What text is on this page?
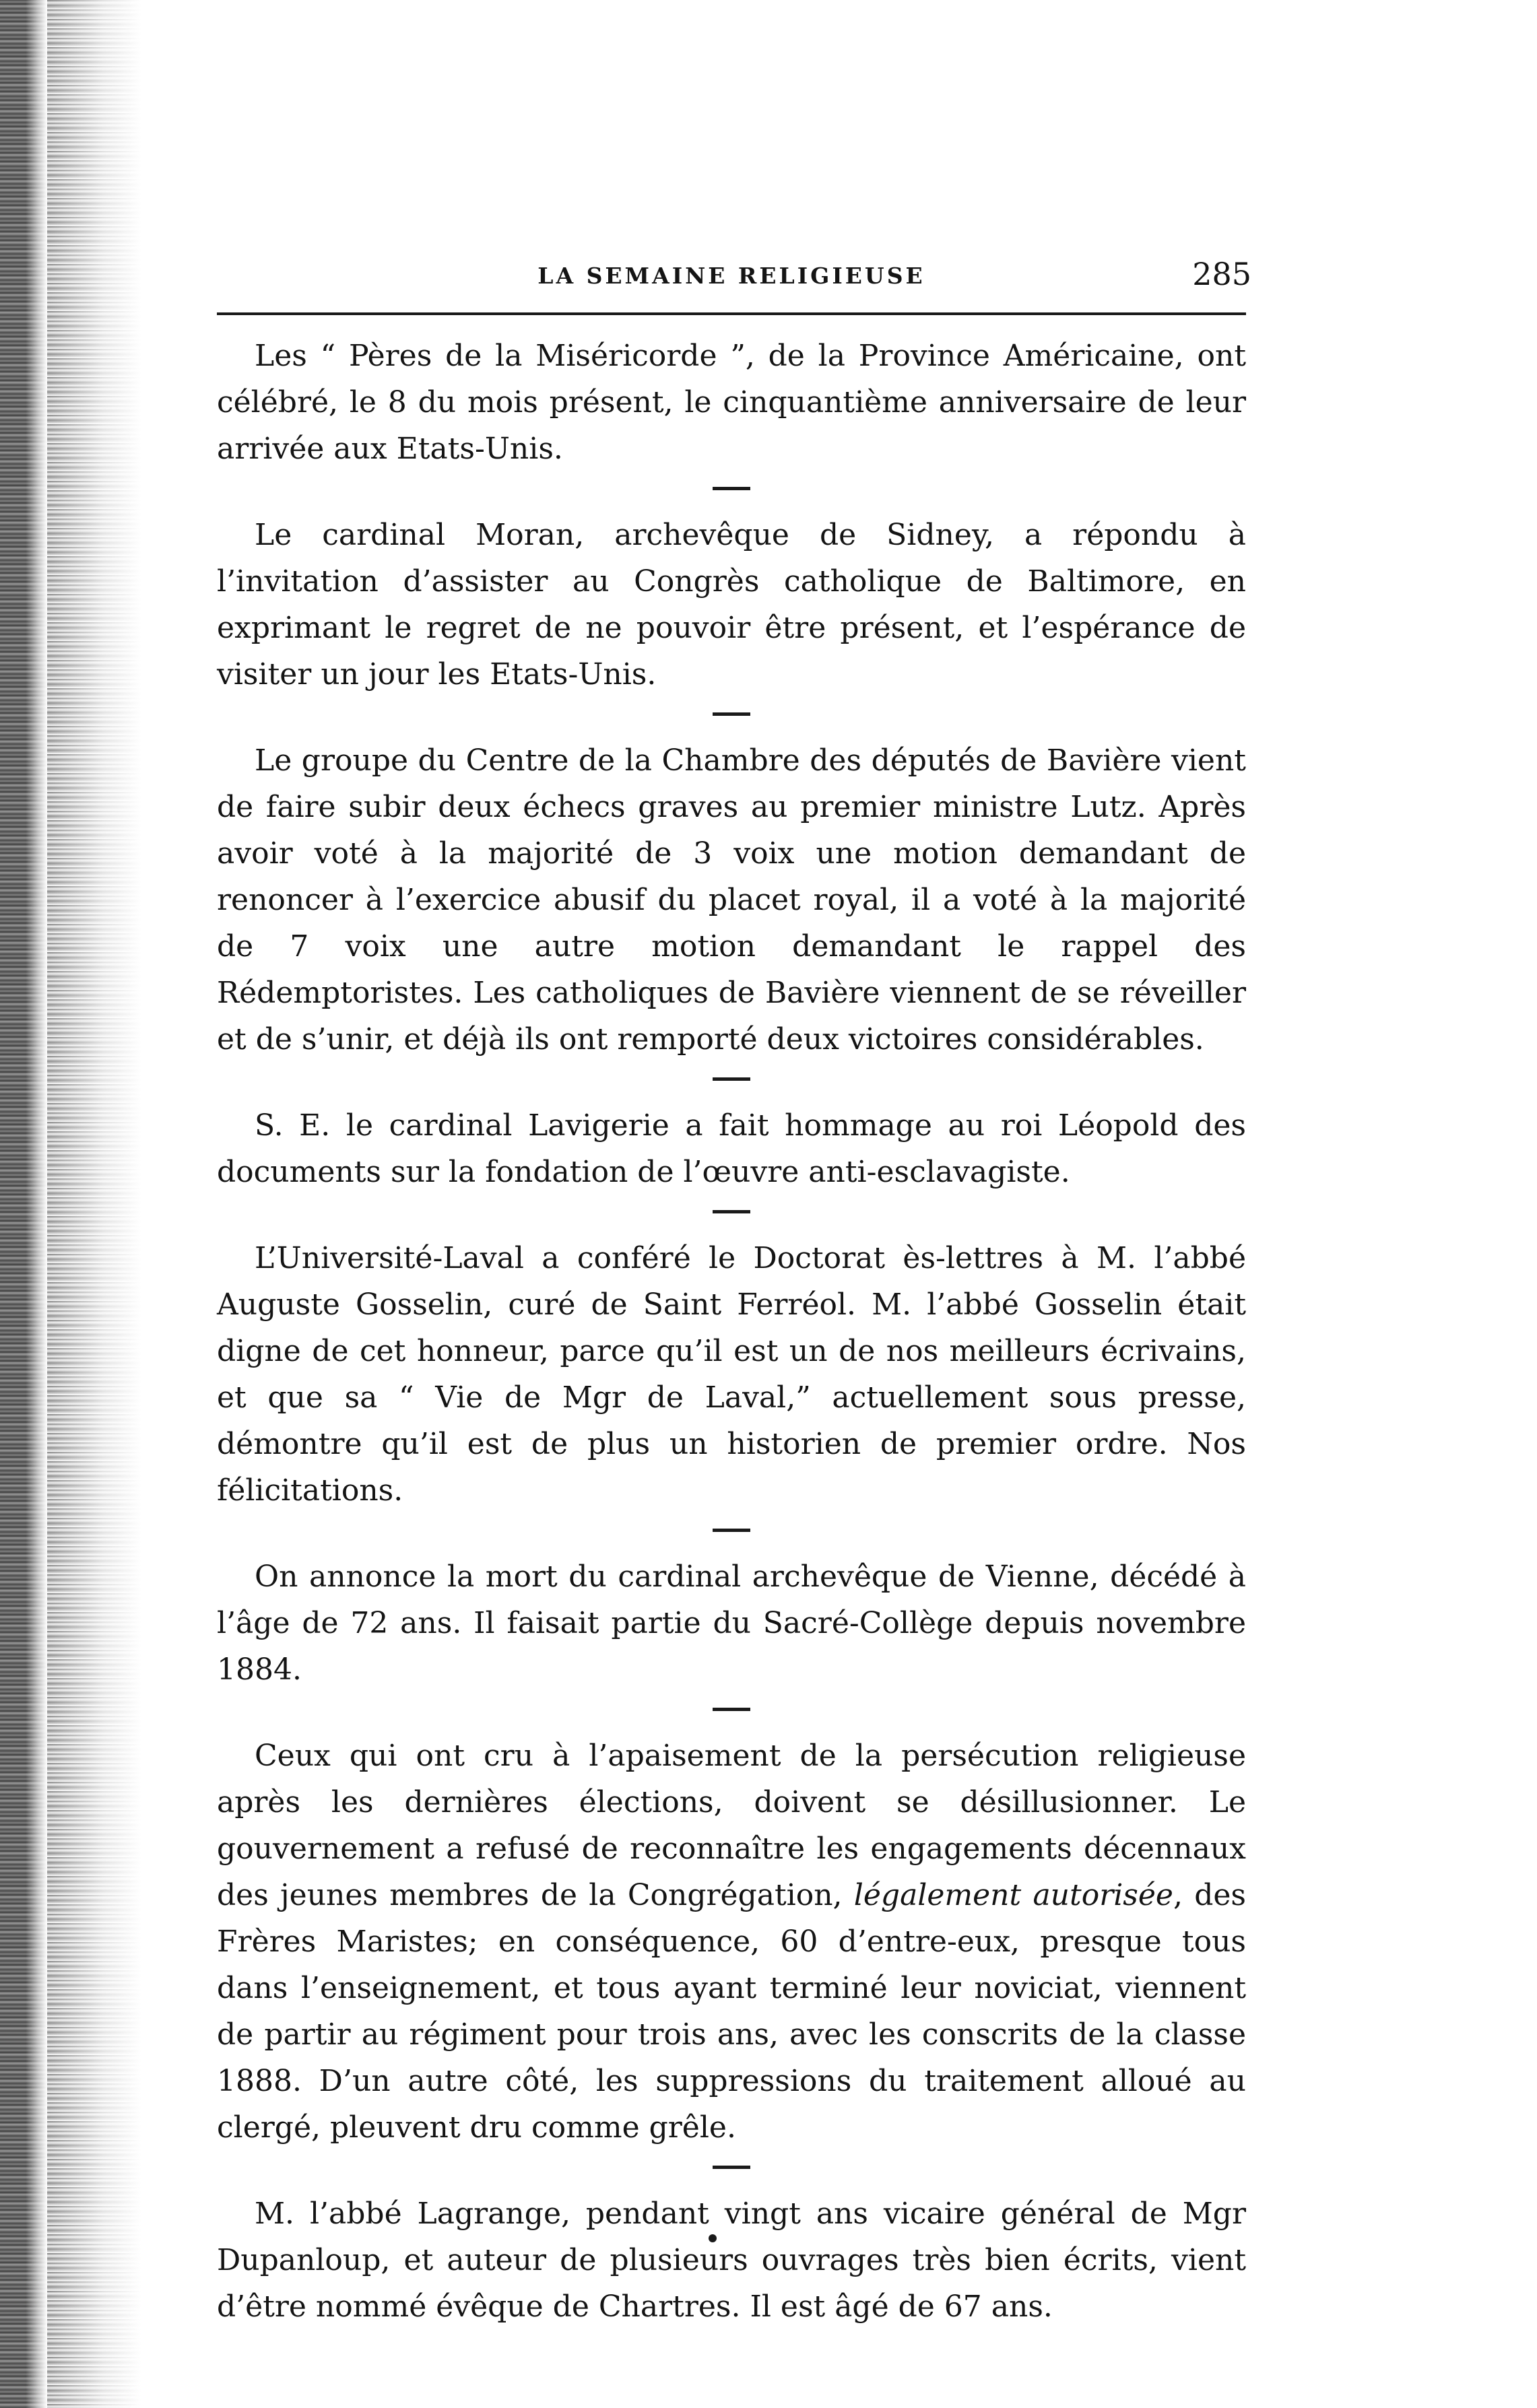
LA SEMAINE RELIGIEUSE	285

Les “ Pères de la Miséricorde ”, de la Province Américaine, ont célébré, le 8 du mois présent, le cinquantième anniversaire de leur arrivée aux Etats-Unis.

Le cardinal Moran, archevêque de Sidney, a répondu à l’invitation d’assister au Congrès catholique de Baltimore, en exprimant le regret de ne pouvoir être présent, et l’espérance de visiter un jour les Etats-Unis.

Le groupe du Centre de la Chambre des députés de Bavière vient de faire subir deux échecs graves au premier ministre Lutz. Après avoir voté à la majorité de 3 voix une motion demandant de renoncer à l’exercice abusif du placet royal, il a voté à la majorité de 7 voix une autre motion demandant le rappel des Rédemptoristes. Les catholiques de Bavière viennent de se réveiller et de s’unir, et déjà ils ont remporté deux victoires considérables.

S. E. le cardinal Lavigerie a fait hommage au roi Léopold des documents sur la fondation de l’œuvre anti-esclavagiste.

L’Université-Laval a conféré le Doctorat ès-lettres à M. l’abbé Auguste Gosselin, curé de Saint Ferréol. M. l’abbé Gosselin était digne de cet honneur, parce qu’il est un de nos meilleurs écrivains, et que sa “ Vie de Mgr de Laval,” actuellement sous presse, démontre qu’il est de plus un historien de premier ordre. Nos félicitations.

On annonce la mort du cardinal archevêque de Vienne, décédé à l’âge de 72 ans. Il faisait partie du Sacré-Collège depuis novembre 1884.

Ceux qui ont cru à l’apaisement de la persécution religieuse après les dernières élections, doivent se désillusionner. Le gouvernement a refusé de reconnaître les engagements décennaux des jeunes membres de la Congrégation, légalement autorisée, des Frères Maristes; en conséquence, 60 d’entre-eux, presque tous dans l’enseignement, et tous ayant terminé leur noviciat, viennent de partir au régiment pour trois ans, avec les conscrits de la classe 1888. D’un autre côté, les suppressions du traitement alloué au clergé, pleuvent dru comme grêle.

M. l’abbé Lagrange, pendant vingt ans vicaire général de Mgr Dupanloup, et auteur de plusieurs ouvrages très bien écrits, vient d’être nommé évêque de Chartres. Il est âgé de 67 ans.
